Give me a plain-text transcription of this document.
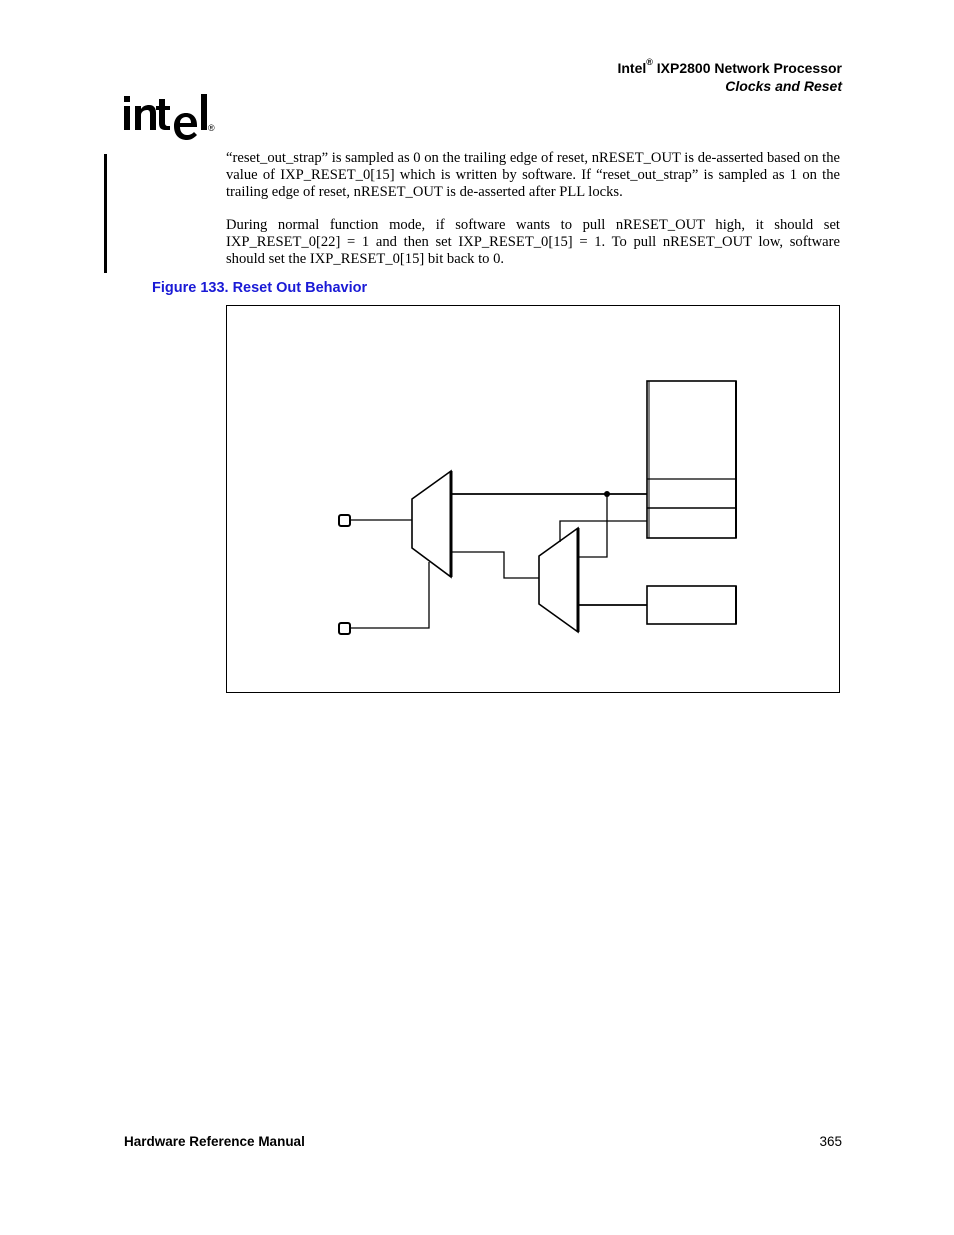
®
Intel® IXP2800 Network Processor
Clocks and Reset
“reset_out_strap” is sampled as 0 on the trailing edge of reset, nRESET_OUT is de-asserted based on the value of IXP_RESET_0[15] which is written by software. If “reset_out_strap” is sampled as 1 on the trailing edge of reset, nRESET_OUT is de-asserted after PLL locks.
During normal function mode, if software wants to pull nRESET_OUT high, it should set IXP_RESET_0[22] = 1 and then set IXP_RESET_0[15] = 1. To pull nRESET_OUT low, software should set the IXP_RESET_0[15] bit back to 0.
Figure 133. Reset Out Behavior
Hardware Reference Manual	365
